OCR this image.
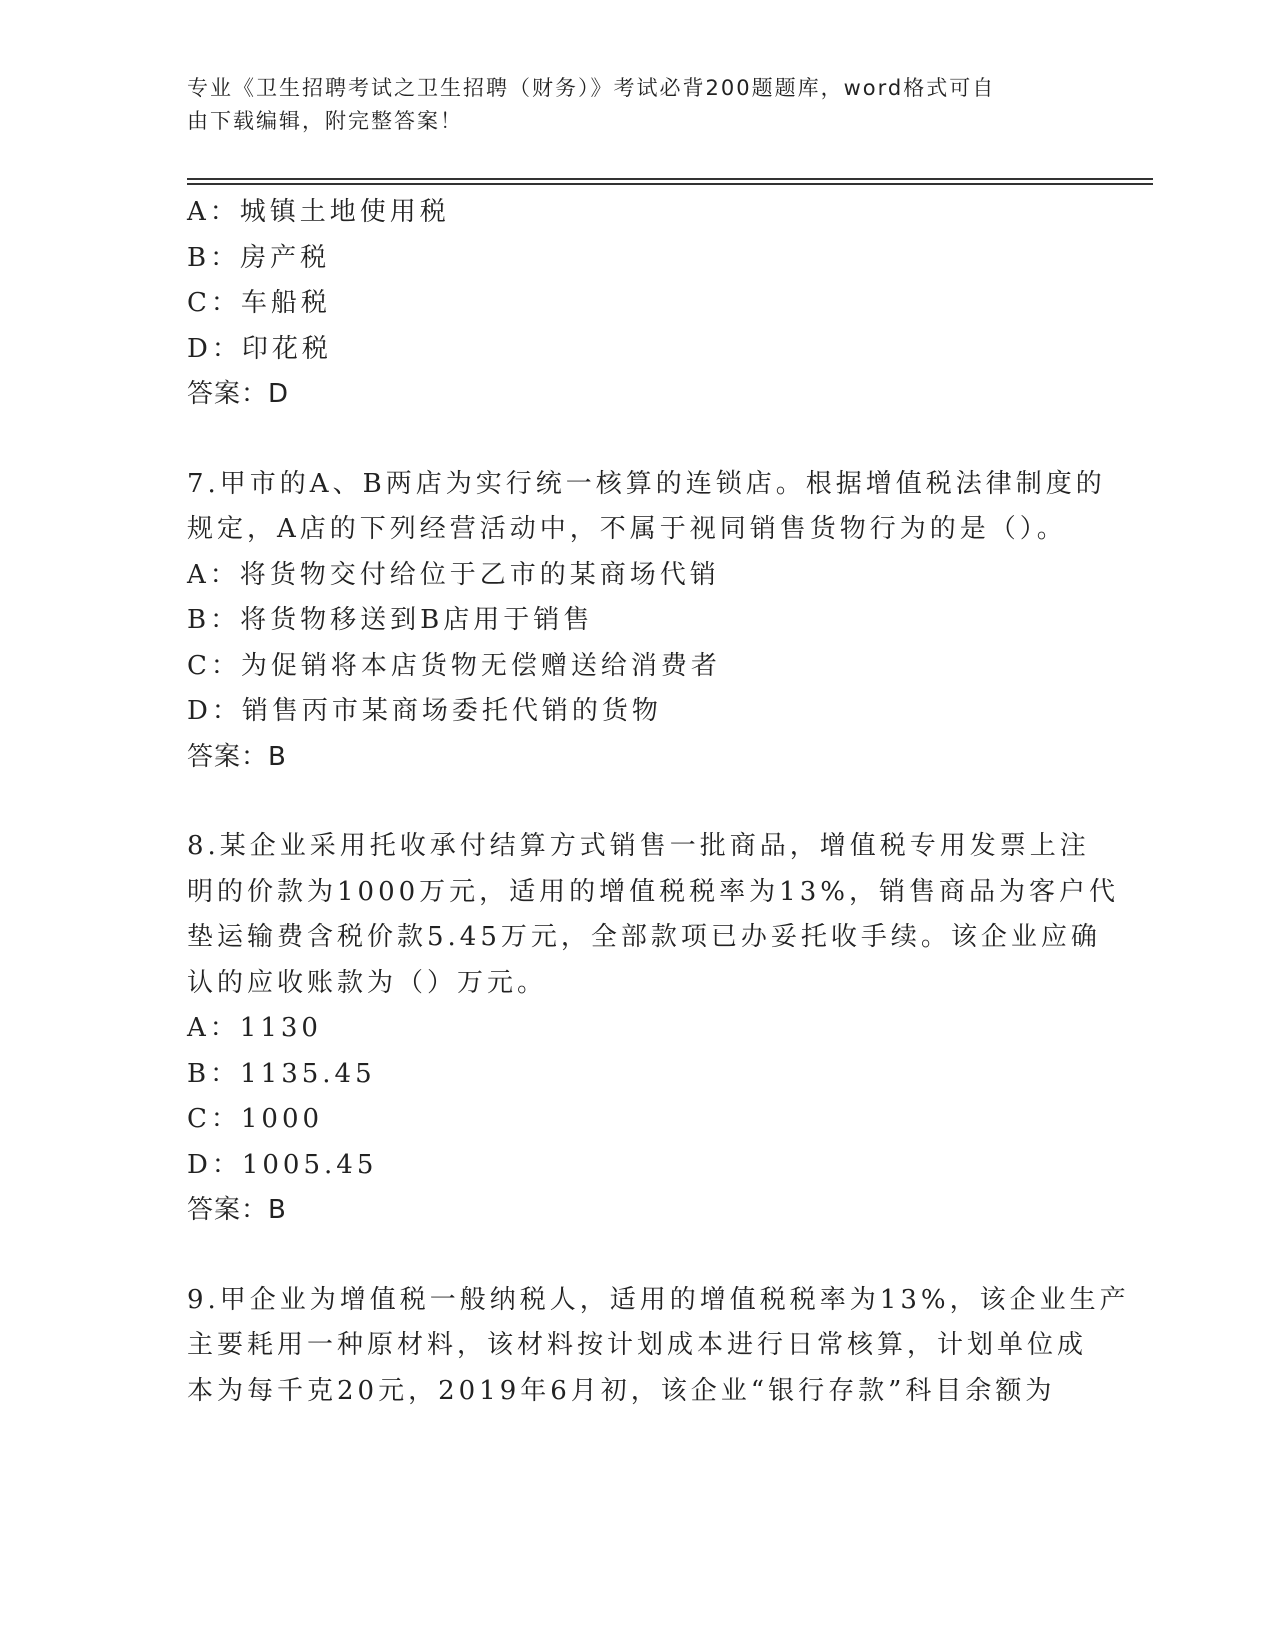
专业《卫生招聘考试之卫生招聘（财务）》考试必背200题题库，word格式可自
由下载编辑，附完整答案！
A：城镇土地使用税
B：房产税
C：车船税
D：印花税
答案：D
7.甲市的A、B两店为实行统一核算的连锁店。根据增值税法律制度的
规定，A店的下列经营活动中，不属于视同销售货物行为的是（）。
A：将货物交付给位于乙市的某商场代销
B：将货物移送到B店用于销售
C：为促销将本店货物无偿赠送给消费者
D：销售丙市某商场委托代销的货物
答案：B
8.某企业采用托收承付结算方式销售一批商品，增值税专用发票上注
明的价款为1000万元，适用的增值税税率为13%，销售商品为客户代
垫运输费含税价款5.45万元，全部款项已办妥托收手续。该企业应确
认的应收账款为（）万元。
A：1130
B：1135.45
C：1000
D：1005.45
答案：B
9.甲企业为增值税一般纳税人，适用的增值税税率为13%，该企业生产
主要耗用一种原材料，该材料按计划成本进行日常核算，计划单位成
本为每千克20元，2019年6月初，该企业“银行存款”科目余额为
